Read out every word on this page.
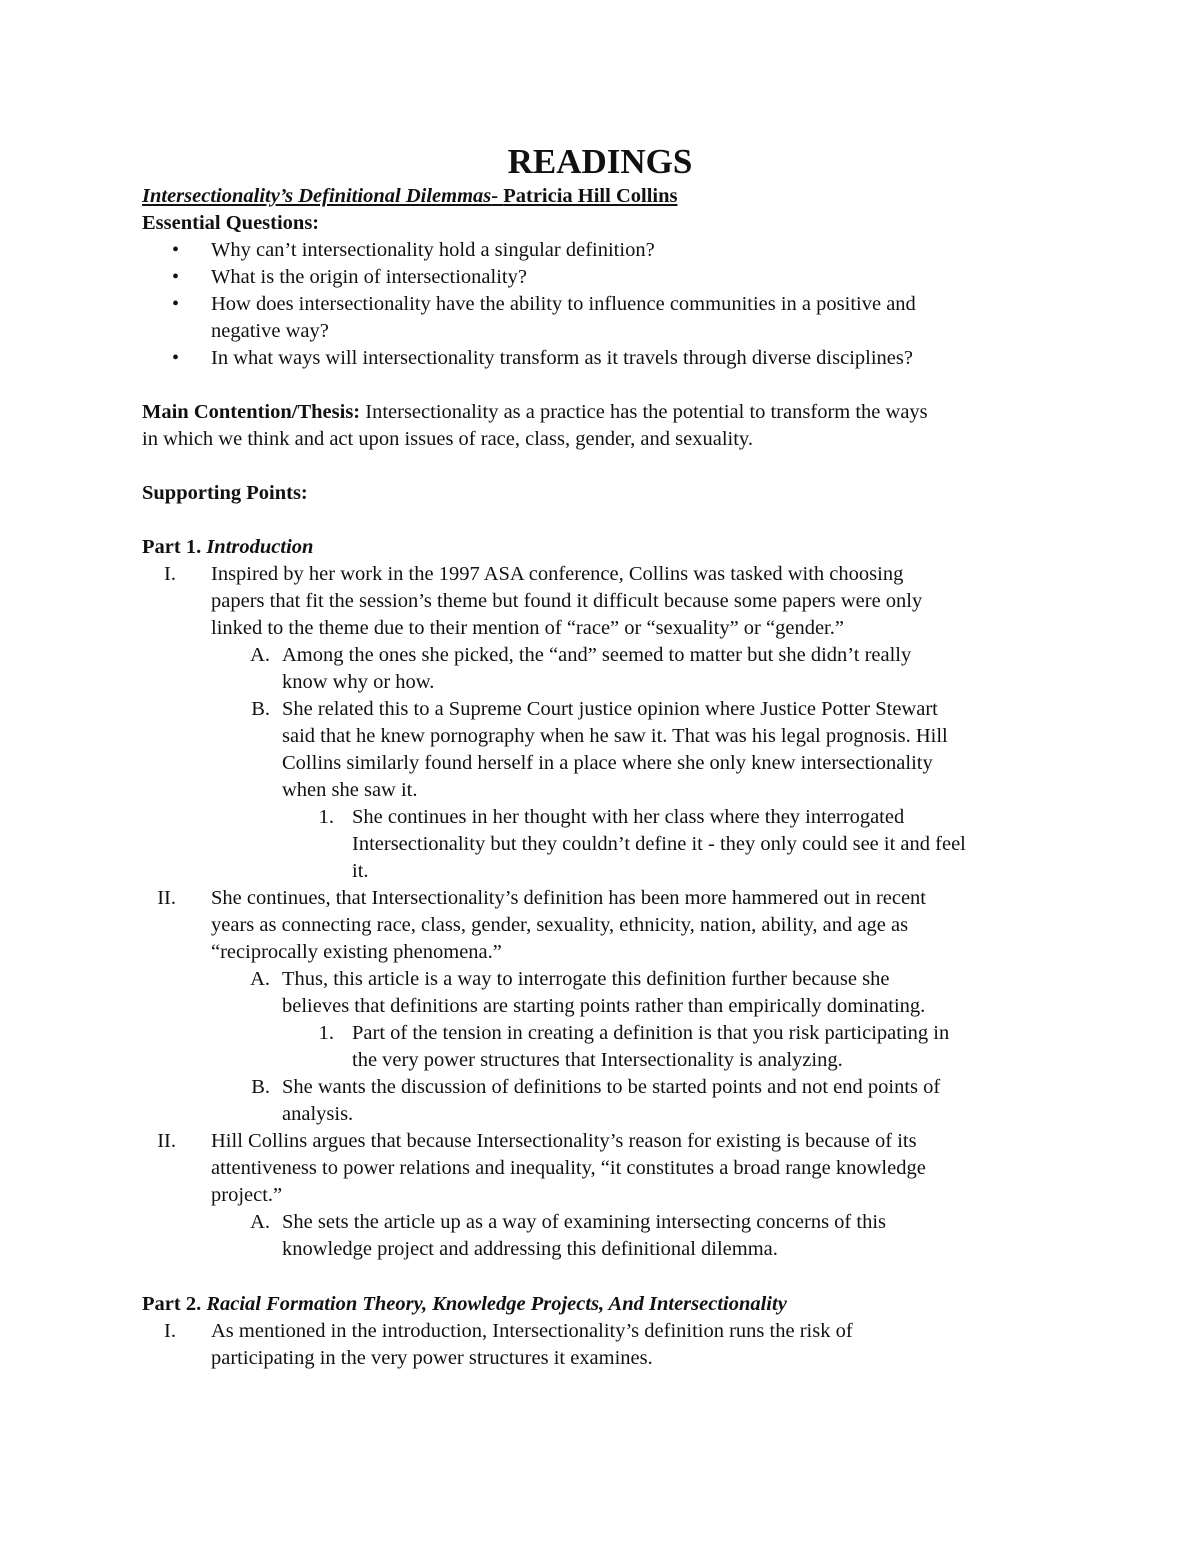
READINGS
Intersectionality’s Definitional Dilemmas- Patricia Hill Collins
Essential Questions:
• Why can’t intersectionality hold a singular definition?
• What is the origin of intersectionality?
• How does intersectionality have the ability to influence communities in a positive and
negative way?
• In what ways will intersectionality transform as it travels through diverse disciplines?
Main Contention/Thesis: Intersectionality as a practice has the potential to transform the ways
in which we think and act upon issues of race, class, gender, and sexuality.
Supporting Points:
Part 1. Introduction
I.
A.
B.
1.
II.
A.
1.
B.
II.
A.
Inspired by her work in the 1997 ASA conference, Collins was tasked with choosing
papers that fit the session’s theme but found it difficult because some papers were only
linked to the theme due to their mention of “race” or “sexuality” or “gender.”
Among the ones she picked, the “and” seemed to matter but she didn’t really
know why or how.
She related this to a Supreme Court justice opinion where Justice Potter Stewart
said that he knew pornography when he saw it. That was his legal prognosis. Hill
Collins similarly found herself in a place where she only knew intersectionality
when she saw it.
She continues in her thought with her class where they interrogated
Intersectionality but they couldn’t define it - they only could see it and feel
it.
She continues, that Intersectionality’s definition has been more hammered out in recent
years as connecting race, class, gender, sexuality, ethnicity, nation, ability, and age as
“reciprocally existing phenomena.”
Thus, this article is a way to interrogate this definition further because she
believes that definitions are starting points rather than empirically dominating.
Part of the tension in creating a definition is that you risk participating in
the very power structures that Intersectionality is analyzing.
She wants the discussion of definitions to be started points and not end points of
analysis.
Hill Collins argues that because Intersectionality’s reason for existing is because of its
attentiveness to power relations and inequality, “it constitutes a broad range knowledge
project.”
She sets the article up as a way of examining intersecting concerns of this
knowledge project and addressing this definitional dilemma.
Part 2. Racial Formation Theory, Knowledge Projects, And Intersectionality
I. As mentioned in the introduction, Intersectionality’s definition runs the risk of
participating in the very power structures it examines.
